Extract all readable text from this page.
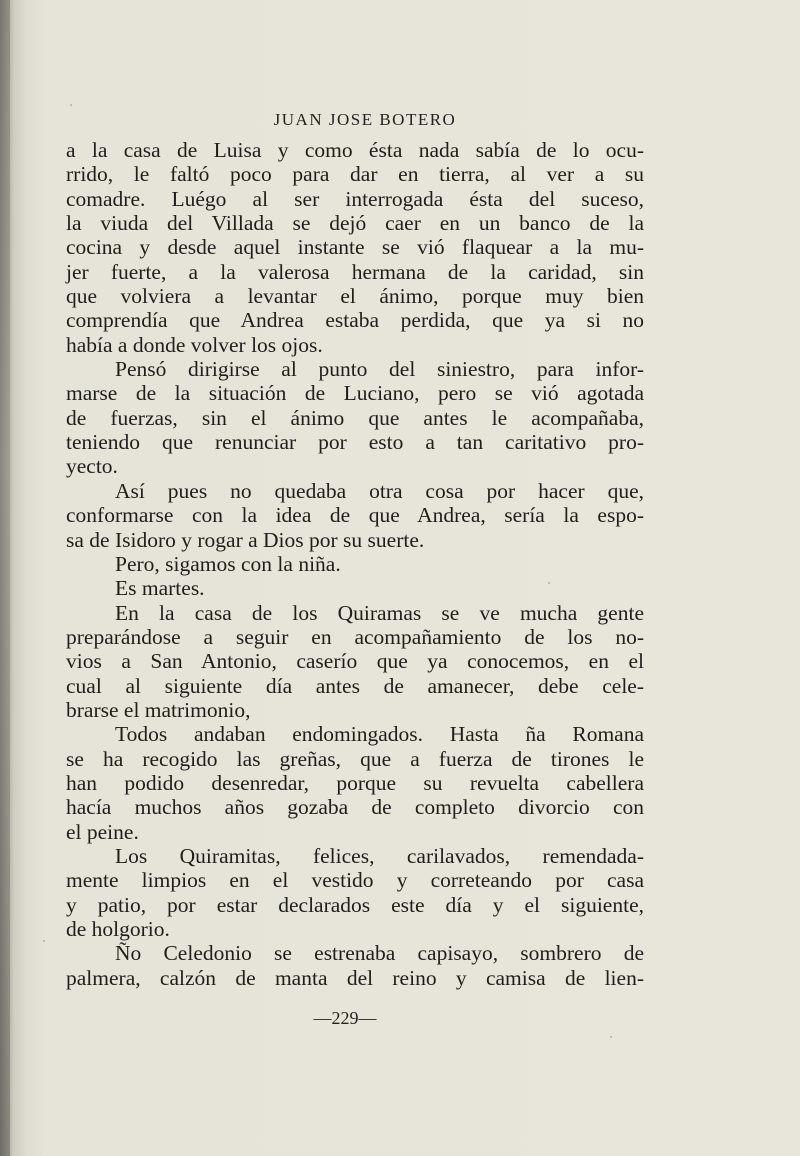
JUAN JOSE BOTERO
a la casa de Luisa y como ésta nada sabía de lo ocu-
rrido, le faltó poco para dar en tierra, al ver a su
comadre. Luégo al ser interrogada ésta del suceso,
la viuda del Villada se dejó caer en un banco de la
cocina y desde aquel instante se vió flaquear a la mu-
jer fuerte, a la valerosa hermana de la caridad, sin
que volviera a levantar el ánimo, porque muy bien
comprendía que Andrea estaba perdida, que ya si no
había a donde volver los ojos.
Pensó dirigirse al punto del siniestro, para infor-
marse de la situación de Luciano, pero se vió agotada
de fuerzas, sin el ánimo que antes le acompañaba,
teniendo que renunciar por esto a tan caritativo pro-
yecto.
Así pues no quedaba otra cosa por hacer que,
conformarse con la idea de que Andrea, sería la espo-
sa de Isidoro y rogar a Dios por su suerte.
Pero, sigamos con la niña.
Es martes.
En la casa de los Quiramas se ve mucha gente
preparándose a seguir en acompañamiento de los no-
vios a San Antonio, caserío que ya conocemos, en el
cual al siguiente día antes de amanecer, debe cele-
brarse el matrimonio,
Todos andaban endomingados. Hasta ña Romana
se ha recogido las greñas, que a fuerza de tirones le
han podido desenredar, porque su revuelta cabellera
hacía muchos años gozaba de completo divorcio con
el peine.
Los Quiramitas, felices, carilavados, remendada-
mente limpios en el vestido y correteando por casa
y patio, por estar declarados este día y el siguiente,
de holgorio.
Ño Celedonio se estrenaba capisayo, sombrero de
palmera, calzón de manta del reino y camisa de lien-
—229—
